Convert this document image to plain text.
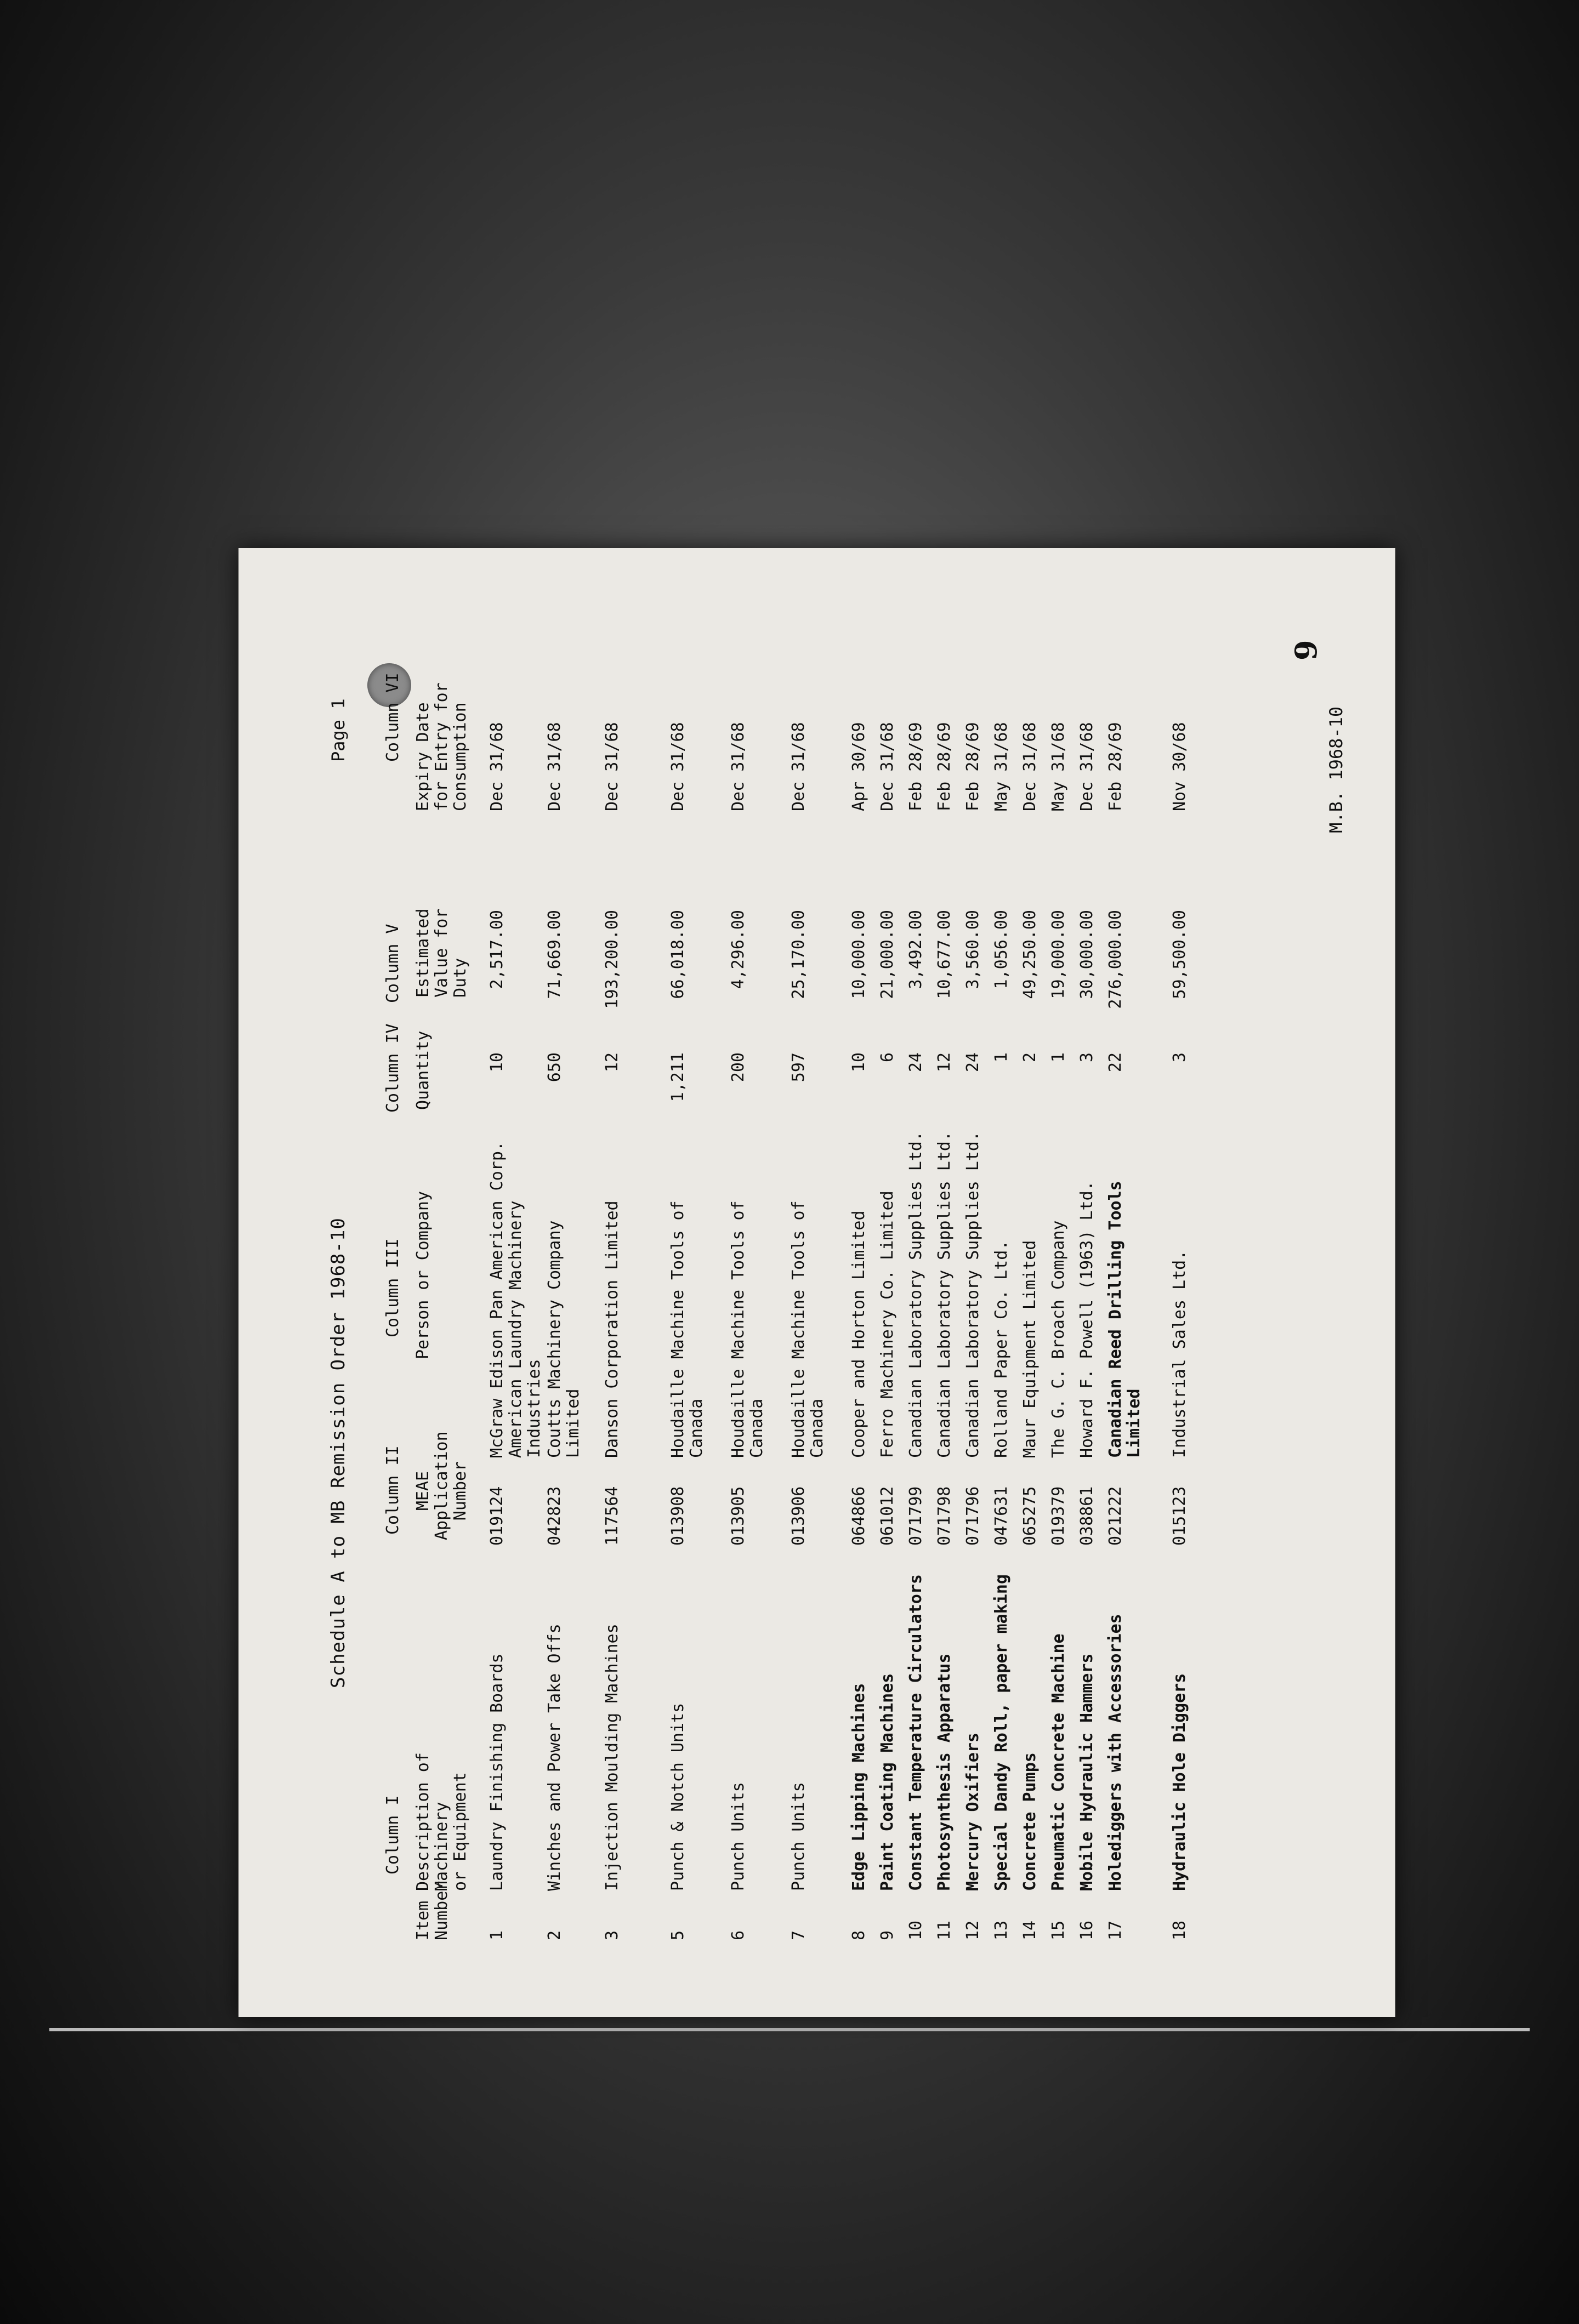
Schedule A to MB Remission Order 1968-10
Page 1
Column I
Column II
Column III
Column IV
Column V
Column VI
Item
Number
Description of Machinery
or Equipment
MEAE
Application
Number
Person or Company
Quantity
Estimated
Value for
Duty
Expiry Date
for Entry for
Consumption
1
Laundry Finishing Boards
019124
McGraw Edison Pan American Corp.
American Laundry Machinery Industries
10
2,517.00
Dec 31/68
2
Winches and Power Take Offs
042823
Coutts Machinery Company
Limited
650
71,669.00
Dec 31/68
3
Injection Moulding Machines
117564
Danson Corporation Limited
12
193,200.00
Dec 31/68
5
Punch & Notch Units
013908
Houdaille Machine Tools of
Canada
1,211
66,018.00
Dec 31/68
6
Punch Units
013905
Houdaille Machine Tools of
Canada
200
4,296.00
Dec 31/68
7
Punch Units
013906
Houdaille Machine Tools of
Canada
597
25,170.00
Dec 31/68
8
Edge Lipping Machines
064866
Cooper and Horton Limited
10
10,000.00
Apr 30/69
9
Paint Coating Machines
061012
Ferro Machinery Co. Limited
6
21,000.00
Dec 31/68
10
Constant Temperature Circulators
071799
Canadian Laboratory Supplies Ltd.
24
3,492.00
Feb 28/69
11
Photosynthesis Apparatus
071798
Canadian Laboratory Supplies Ltd.
12
10,677.00
Feb 28/69
12
Mercury Oxifiers
071796
Canadian Laboratory Supplies Ltd.
24
3,560.00
Feb 28/69
13
Special Dandy Roll, paper making
047631
Rolland Paper Co. Ltd.
1
1,056.00
May 31/68
14
Concrete Pumps
065275
Maur Equipment Limited
2
49,250.00
Dec 31/68
15
Pneumatic Concrete Machine
019379
The G. C. Broach Company
1
19,000.00
May 31/68
16
Mobile Hydraulic Hammers
038861
Howard F. Powell (1963) Ltd.
3
30,000.00
Dec 31/68
17
Holediggers with Accessories
021222
Canadian Reed Drilling Tools
Limited
22
276,000.00
Feb 28/69
18
Hydraulic Hole Diggers
015123
Industrial Sales Ltd.
3
59,500.00
Nov 30/68
9
M.B. 1968-10
